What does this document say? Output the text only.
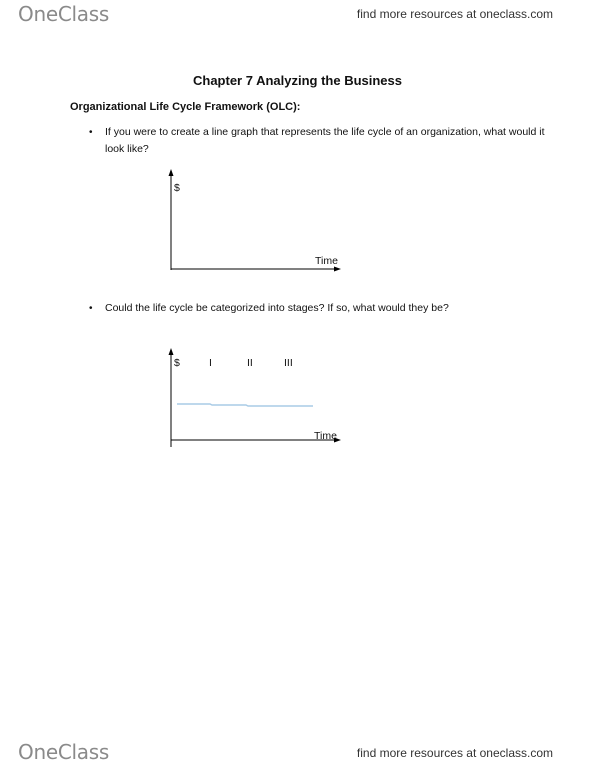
OneClass	find more resources at oneclass.com
Chapter 7 Analyzing the Business
Organizational Life Cycle Framework (OLC):
• If you were to create a line graph that represents the life cycle of an organization, what would it look like?
$
Time
• Could the life cycle be categorized into stages? If so, what would they be?
$	I	II	III
Time
OneClass	find more resources at oneclass.com
